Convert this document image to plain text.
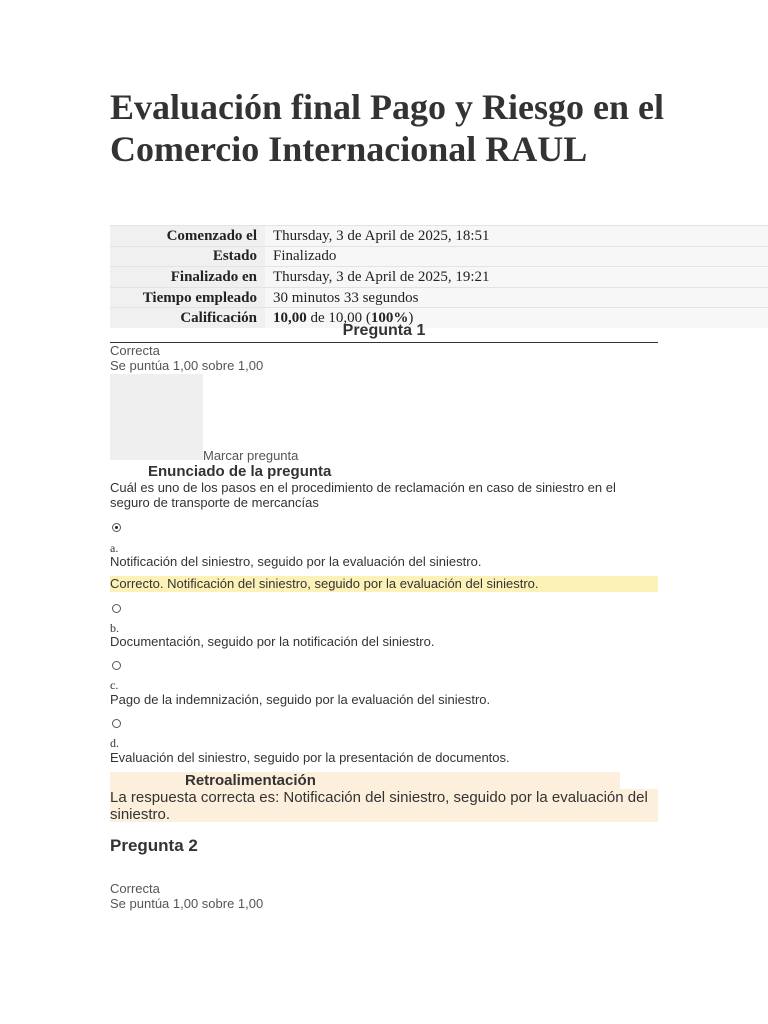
Evaluación final Pago y Riesgo en el Comercio Internacional RAUL
Comenzado el	Thursday, 3 de April de 2025, 18:51
Estado	Finalizado
Finalizado en	Thursday, 3 de April de 2025, 19:21
Tiempo empleado	30 minutos 33 segundos
Calificación	10,00 de 10,00 (100%)
Pregunta 1
Correcta
Se puntúa 1,00 sobre 1,00
Marcar pregunta
Enunciado de la pregunta
Cuál es uno de los pasos en el procedimiento de reclamación en caso de siniestro en el seguro de transporte de mercancías
a.
Notificación del siniestro, seguido por la evaluación del siniestro.
Correcto. Notificación del siniestro, seguido por la evaluación del siniestro.
b.
Documentación, seguido por la notificación del siniestro.
c.
Pago de la indemnización, seguido por la evaluación del siniestro.
d.
Evaluación del siniestro, seguido por la presentación de documentos.
Retroalimentación
La respuesta correcta es: Notificación del siniestro, seguido por la evaluación del siniestro.
Pregunta 2
Correcta
Se puntúa 1,00 sobre 1,00
